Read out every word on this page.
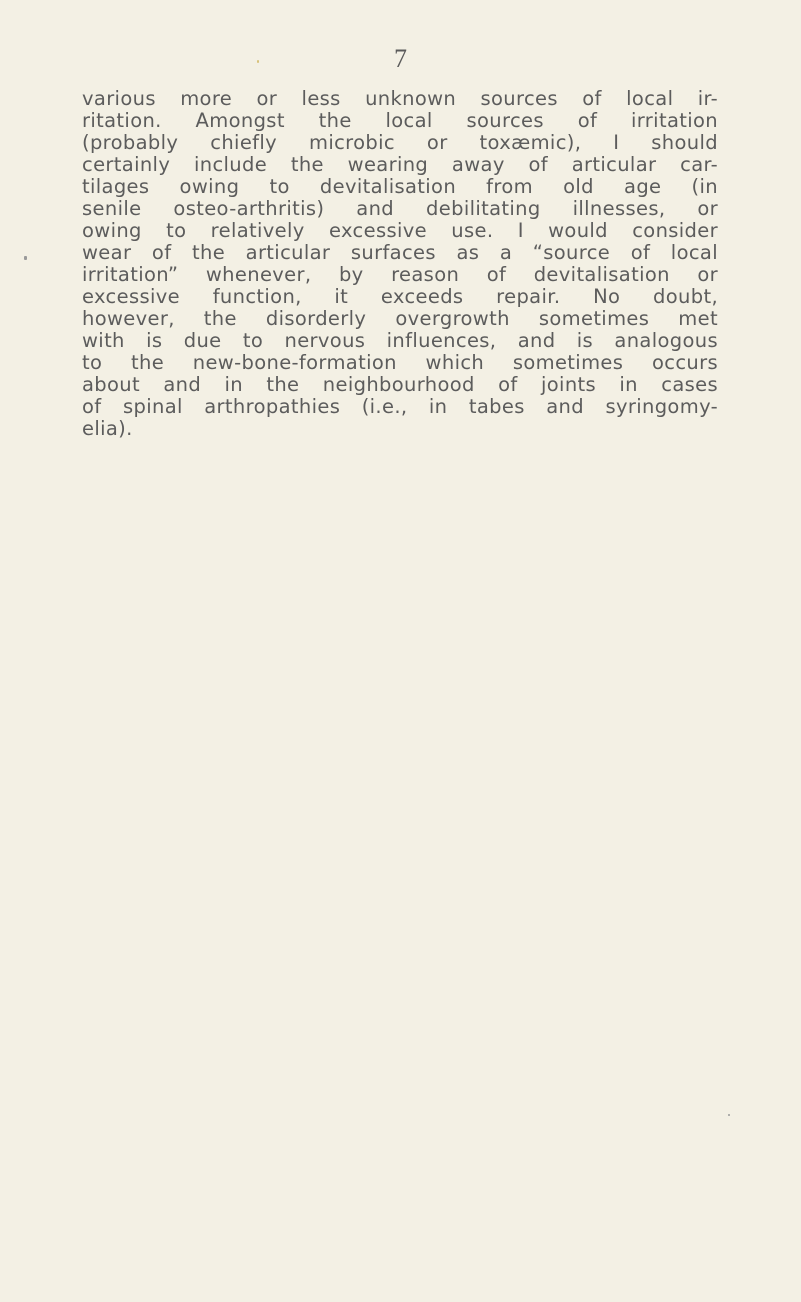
7
various more or less unknown sources of local ir-
ritation. Amongst the local sources of irritation
(probably chiefly microbic or toxæmic), I should
certainly include the wearing away of articular car-
tilages owing to devitalisation from old age (in
senile osteo-arthritis) and debilitating illnesses, or
owing to relatively excessive use. I would consider
wear of the articular surfaces as a “source of local
irritation” whenever, by reason of devitalisation or
excessive function, it exceeds repair. No doubt,
however, the disorderly overgrowth sometimes met
with is due to nervous influences, and is analogous
to the new-bone-formation which sometimes occurs
about and in the neighbourhood of joints in cases
of spinal arthropathies (i.e., in tabes and syringomy-
elia).
